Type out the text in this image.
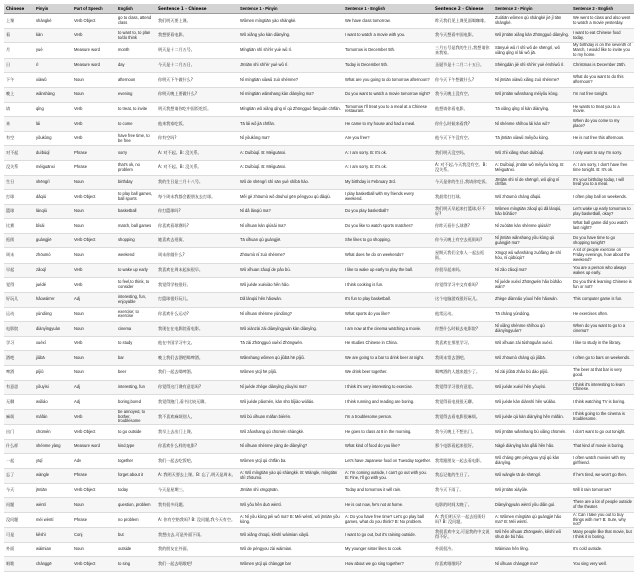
Chinese	Pinyin	Part of Speech	English	Sentence 1 - Chinese	Sentence 1 - Pinyin	Sentence 1 - English	Sentence 2 - Chinese	Sentence 2 - Pinyin	Sentence 2 - English
上课	shàngkè	Verb Object	go to class, attend class	我们明天要上课。	Wǒmen míngtiān yào shàngkè.	We have class tomorrow.	昨天我们见上课见面喝咖啡。	Zuótiān wǒmen qù shàngkè jiē jǐ tiān shàngkè.	We went to class and also went to watch a movie yesterday.
看	kàn	Verb	to want to, to plan to/do think	我想要看电影。	Wǒ xiǎng yào kàn diànyǐng.	I want to watch a movie with you.	我今天想看中国电影。	Wǒ jīntiān xiǎng kàn Zhōngguó diànyǐng.	I want to eat Chinese food today.
月	yuè	Measure word	month	明天是十二月五号。	Míngtiān shì shí'èr yuè wǔ rì.	Tomorrow is December 5th.	三月五号是我的生日,我想请你来我家。	Sānyuè wǔ rì shì wǒ de shēngrì, wǒ xiǎng qǐng nǐ lái wǒ jiā.	My birthday is on the seventh of March, I would like to invite you to my home.
日	rì	Measure word	day	今天是十二月五日。	Jīntiān shì shí'èr yuè wǔ rì.	Today is December 5th.	圣诞节是十二月二十五日。	Shèngdàn jié shì shí'èr yuè èrshíwǔ rì.	Christmas is December 25th.
下午	xiàwǔ	Noun	afternoon	你明天下午做什么?	Nǐ míngtiān xiàwǔ zuò shénme?	What are you going to do tomorrow afternoon?	你今天下午想做什么?	Nǐ jīntiān xiàwǔ xiǎng zuò shénme?	What do you want to do this afternoon?
晚上	wǎnshàng	Noun	evening	你明天晚上要做什么?	Nǐ míngtiān wǎnshang kàn diànyǐng ma?	Do you want to watch a movie tomorrow night?	我今天晚上没有空。	Wǒ jīntiān wǎnshang méiyǒu kòng.	I'm not free tonight.
请	qǐng	Verb	to treat, to invite	明天我想请你吃中国饭吃饭。	Míngtiān wǒ xiǎng qǐng nǐ qù Zhōngguó fànguǎn chīfàn.	Tomorrow I'll treat you to a meal at a Chinese restaurant.	他想请你看电影。	Tā xiǎng qǐng nǐ kàn diànyǐng.	He wants to treat you to a movie.
来	lái	Verb	to come	他来我家吃饭。	Tā lái wǒ jiā chīfàn.	He came to my house and had a meal.	你什么时候来看我?	Nǐ shénme shíhou lái kàn wǒ?	When do you come to my place?
有空	yǒukòng	Verb	have free time, to be free	你有空吗?	Nǐ yǒukòng ma?	Are you free?	他今天下午没有空。	Tā jīntiān xiàwǔ méiyǒu kòng.	He is not free this afternoon.
对不起	duìbùqǐ	Phrase	sorry	A: 对不起。B: 没关系。	A: Duìbùqǐ. B: Méiguānxi.	A: I am sorry. B: It's ok.	我们明天没空吗。	Wǒ zhǐ xiǎng shuō duìbùqǐ.	I only want to say I'm sorry.
没关系	méiguānxi	Phrase	that's ok, no problem	A: 对不起。B: 没关系。	A: Duìbùqǐ. B: Méiguānxi.	A: I am sorry. B: It's ok.	A: 对不起,今天我没有空。B: 没关系。	A: Duìbùqǐ, jīntiān wǒ méiyǒu kòng. B: Méiguānxi.	A: I am sorry, I don't have free time tonight. B: It's ok.
生日	shēngrì	Noun	birthday	我的生日是三月十八号。	Wǒ de shēngrì shì sān yuè shíbā hào.	My birthday is February 3rd.	今天是你的生日,我请你吃饭。	Jīntiān shì nǐ de shēngrì, wǒ qǐng nǐ chīfàn.	It's your birthday today, I will treat you to a meal.
打球	dǎqiú	Verb Object	to play ball games, ball sports	每个周末我都会跟朋友去打球。	Měi gè zhōumò wǒ dōuhuì gēn péngyou qù dǎqiú.	I play basketball with my friends every weekend.	我最常打打球。	Wǒ zhōumò cháng dǎqiú.	I often play ball on weekends.
篮球	lánqiú	Noun	basketball	你打篮球吗?	Nǐ dǎ lánqiú ma?	Do you play basketball?	我们明天早起来打篮球,好不好?	Wǒmen míngtiān zǎoqǐ qù dǎ lánqiú, hǎo bùhǎo?	Let's wake up early tomorrow to play basketball, okay?
比赛	bǐsài	Noun	match, ball games	你喜欢看球赛吗?	Nǐ xǐhuan kàn qiúsài ma?	Do you like to watch sports matches?	你昨天看什么球赛?	Nǐ zuótiān kàn shénme qiúsài?	What ball game did you watch last night?
逛街	guàngjiē	Verb Object	shopping	她喜欢去逛街。	Tā xǐhuan qù guàngjiē.	She likes to go shopping.	你今天晚上有空去逛街吗?	Nǐ jīntiān wǎnshang yǒu kòng qù guàngjiē ma?	Do you have time to go shopping tonight?
周末	zhōumò	Noun	weekend	周末你做什么?	Zhōumò nǐ zuò shénme?	What does he do on weekends?	星期天我们全家人一起去逛街。	Xīngqī wǔ wǎnshàng zuòfàng de shí hòu, nǐ qùbùqù?	A lot of people exercise on Friday evenings, how about the weekend?
早起	zǎoqǐ	Verb	to wake up early	我喜欢在周末起床很早。	Wǒ xǐhuan zǎoqǐ de pǎo bù.	I like to wake up early to play the ball.	你很早起来吗。	Nǐ zǎo zǎoqǐ ma?	You are a person who always wakes up early.
觉得	juédé	Verb	to feel,to think, to consider	我觉得学校很好。	Wǒ juéde xuéxiào hěn hǎo.	I think cooking is fun.	你觉得学习中文有难吗?	Nǐ juéde xuéxí Zhōngwén hǎo bùhǎo wán?	Do you think learning Chinese is fun or not?
好玩儿	hǎowán'er	Adj	interesting, fun, enjoyable	打篮球很好玩儿。	Dǎ lánqiú hěn hǎowán.	It's fun to play basketball.	这个电脑游戏很好玩儿。	Zhège diànnǎo yóuxì hěn hǎowán.	This computer game is fun.
运动	yùndòng	Noun	exercise; to exercise	你喜欢什么运动?	Nǐ xǐhuan shénme yùndòng?	What sports do you like?	他常运动。	Tā cháng yùndòng.	He exercises often.
电影院	diànyǐngyuàn	Noun	cinema	我现在在电影院看电影。	Wǒ xiànzài zài diànyǐngyuàn kàn diànyǐng.	I am now at the cinema watching a movie.	你想什么时候去电影院?	Nǐ xiǎng shénme shíhou qù diànyǐngyuàn?	When do you want to go to a cinema?
学习	xuéxí	Verb	to study	他在中国学习中文。	Tā zài Zhōngguó xuéxí Zhōngwén.	He studies Chinese in China.	我喜欢在那里学习。	Wǒ xǐhuan zài túshūguǎn xuéxí.	I like to study in the library.
酒吧	jiǔbā	Noun	bar	晚上我们去酒吧喝啤酒。	Wǎnshang wǒmen qù jiǔbā hē píjiǔ.	We are going to a bar to drink beer at night.	我周末常去酒吧。	Wǒ zhōumò cháng qù jiǔbā.	I often go to bars on weekends.
啤酒	píjiǔ	Noun	beer	我们一起去喝啤酒。	Wǒmen yīqǐ hē píjiǔ.	We drink beer together.	喝啤酒的人越来越少了。	Nǐ zài jiǔbā zhǎo bú dào píjiǔ.	The beer at that bar is very good.
有意思	yǒuyìsi	Adj	interesting, fun	你觉得这门课有意思吗?	Nǐ juéde zhège diànyǐng yǒuyìsi ma?	I think it's very interesting to exercise.	我觉得学习很有意思。	Wǒ juéde xuéxí hěn yǒuyìsi.	I think it's interesting to learn Chinese.
无聊	wúliáo	Adj	boring,bored	我觉得跑门,看书比较无聊。	Wǒ juéde pǎomén, kàn shū bǐjiào wúliáo.	I think running and reading are boring.	我觉得看电视很无聊。	Wǒ juéde kàn diànshì hěn wúliáo.	I think watching TV is boring.
麻烦	máfán	Verb	be annoyed, to bother, troublesome	我不喜欢麻烦别人。	Wǒ bù xǐhuan máfan biérén.	I'm a troublesome person.	我觉得去看电影很麻烦。	Wǒ juéde qù kàn diànyǐng hěn máfán.	I think going to the cinema is troublesome.
出门	chūmén	Verb Object	to go outside	我早上去出门上课。	Wǒ zǎoshang qù chūmén shàngkè.	He goes to class at 8 in the morning.	我今天晚上不想出门。	Wǒ jīntiān wǎnshang bù xiǎng chūmén.	I don't want to go out tonight.
什么样	shénme yàng	Measure word	kind,type	你喜欢什么样的电影?	Nǐ xǐhuan shénme yàng de diànyǐng?	What kind of food do you like?	那个电影看起来很好。	Nàgè diànyǐng kàn qǐlái hěn hǎo.	That kind of movie is boring.
一起	yīqǐ	Adv	together	我们一起去吃饭吧。	Wǒmen yīqǐ qù chīfàn ba.	Let's have Japanese food on Tuesday together.	我常跟朋友一起去看电影。	Wǒ cháng gēn péngyou yīqǐ qù kàn diànyǐng.	I often watch movies with my girlfriend.
忘了	wàngle	Phrase	forget about it	A: 我明天要去上课。B: 忘了,明天是周末。	A: Wǒ míngtiān yào qù shàngkè. B: Wàngle, míngtiān shì zhōumò.	A: I'm coming outside, I can't go out with you. B: Fine, I'll go with you.	我忘记他的生日了。	Wǒ wàngle tā de shēngrì.	If he's tired, we won't go then.
今天	jīntiān	Verb Object	today	今天是星期三。	Jīntiān shì xīngqīsān.	Today and tomorrow it will rain.	我今天下雨了。	Wǒ jīntiān xiàyǔle.	Will it rain tomorrow?
问题	wèntí	Noun	question, problem	我有很多问题。	Wǒ yǒu hěn duō wèntí.	He is out now, he's not at home.	电影的时间太晚了。	Diànyǐngyuàn wèntí yǒu diǎn guì.	There are a lot of people outside of the theater.
没问题	méi wèntí	Phrase	no problem	A: 你有空陪我吗? B: 没问题,我今天有空。	A: Nǐ yǒu kòng péi wǒ ma? B: Méi wèntí, wǒ jīntiān yǒu kòng.	A: Do you have free time? Let's go play ball games, what do you think? B: No problem.	A: 我们明天早一起去逛街好吗? B: 没问题。	A: Wǒmen míngtiān qù guàngjiē hǎo ma? B: Méi wèntí.	A: Can I take you out to buy things with me? B: Sure, why not?
可是	kěshì	Conj	but	我想出去,可是外面下雨。	Wǒ xiǎng chūqù, kěshì wàimian xiàyǔ.	I want to go out, but it's raining outside.	我很喜欢中文,可是我的中文说得不好。	Wǒ hěn xǐhuan Zhōngwén, kěshì wǒ shuō de bù hǎo.	Many people like that movie, but I think it is boring.
外面	wàimian	Noun	outside	我的朋友在外面。	Wǒ de péngyou zài wàimian.	My younger sister likes to cook.	外面很冷。	Wàimian hěn lěng.	It's cold outside.
唱歌	chànggē	Verb Object	to sing	我们一起去唱歌吧!	Wǒmen yīqǐ qù chànggē ba!	How about we go sing together?	你喜欢唱歌吗?	Nǐ xǐhuan chànggē ma?	You sing very well.
